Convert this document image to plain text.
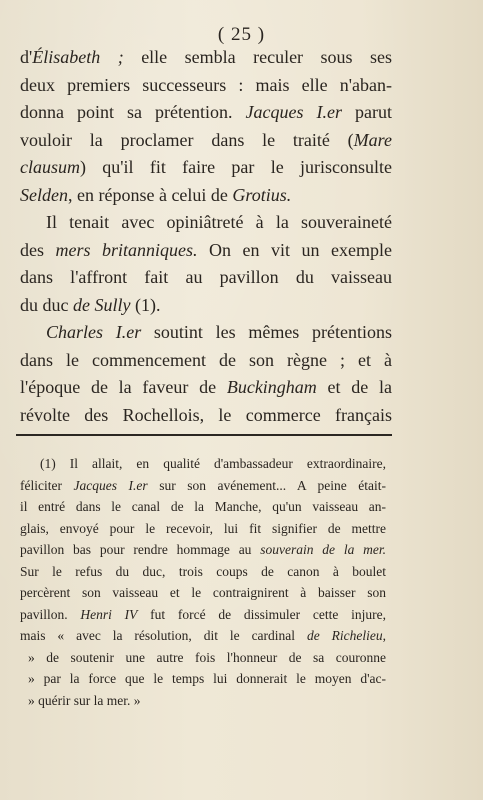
( 25 )
d'Élisabeth ; elle sembla reculer sous ses
deux premiers successeurs : mais elle n'aban-
donna point sa prétention. Jacques I.er parut
vouloir la proclamer dans le traité (Mare
clausum) qu'il fit faire par le jurisconsulte
Selden, en réponse à celui de Grotius.
Il tenait avec opiniâtreté à la souveraineté
des mers britanniques. On en vit un exemple
dans l'affront fait au pavillon du vaisseau
du duc de Sully (1).
Charles I.er soutint les mêmes prétentions
dans le commencement de son règne ; et à
l'époque de la faveur de Buckingham et de la
révolte des Rochellois, le commerce français
(1) Il allait, en qualité d'ambassadeur extraordinaire,
féliciter Jacques I.er sur son avénement... A peine était-
il entré dans le canal de la Manche, qu'un vaisseau an-
glais, envoyé pour le recevoir, lui fit signifier de mettre
pavillon bas pour rendre hommage au souverain de la mer.
Sur le refus du duc, trois coups de canon à boulet
percèrent son vaisseau et le contraignirent à baisser son
pavillon. Henri IV fut forcé de dissimuler cette injure,
mais « avec la résolution, dit le cardinal de Richelieu,
» de soutenir une autre fois l'honneur de sa couronne
» par la force que le temps lui donnerait le moyen d'ac-
» quérir sur la mer. »
